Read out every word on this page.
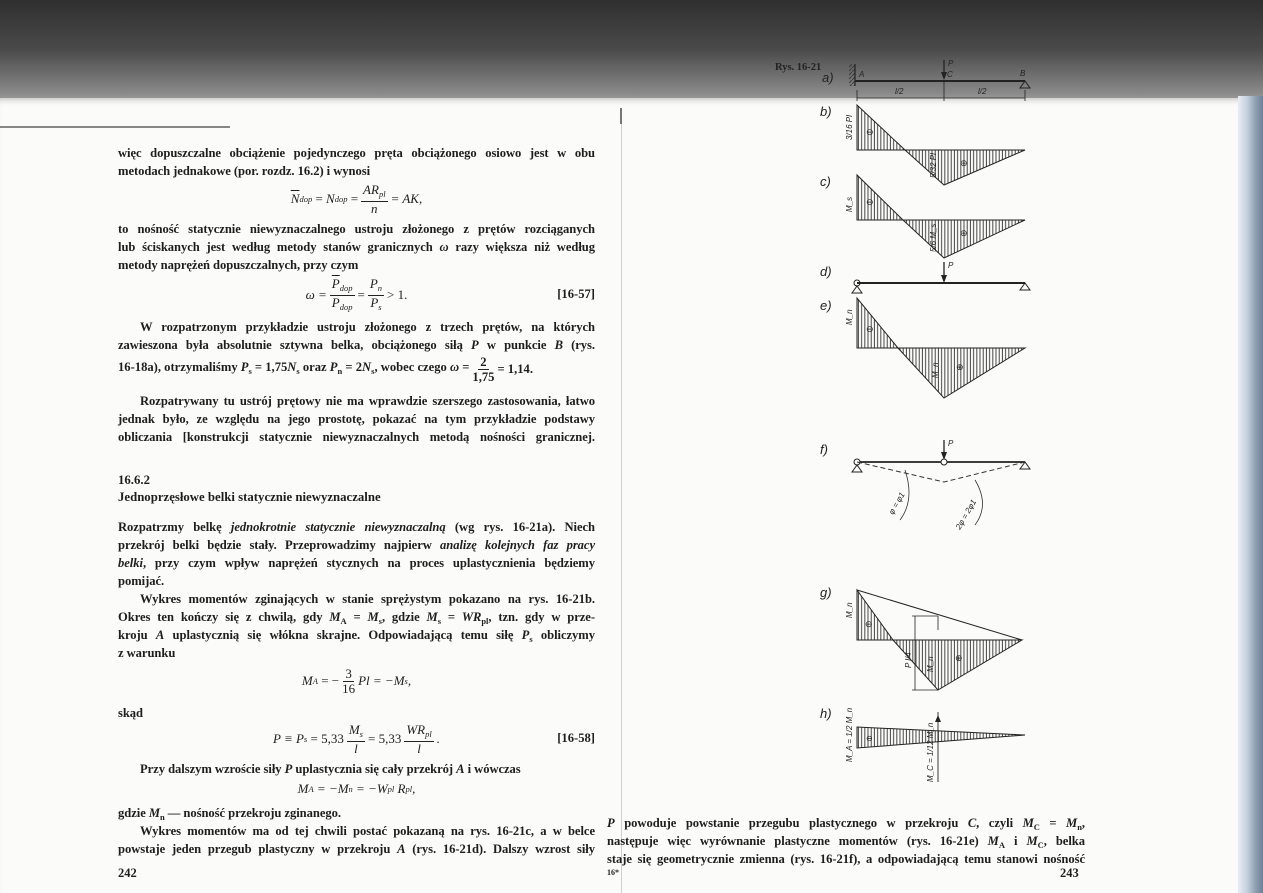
więc dopuszczalne obciążenie pojedynczego pręta obciążonego osiowo jest w obu
metodach jednakowe (por. rozdz. 16.2) i wynosi
$\overline{N}$ dop
=
N dop
= $\frac{AR_{pl}}{n}$ = AK,
to nośność statycznie niewyznaczalnego ustroju złożonego z prętów rozciąganych
lub ściskanych jest według metody stanów granicznych ω razy większa niż według
metody naprężeń dopuszczalnych, przy czym
$\omega = \frac{\overline{P}_{dop}}{P_{dop}} = \frac{P_n}{P_s} > 1$.	[16-57]
W rozpatrzonym przykładzie ustroju złożonego z trzech prętów, na których
zawieszona była absolutnie sztywna belka, obciążonego siłą P w punkcie B (rys.
16-18a), otrzymaliśmy $P_s = 1,75N_s$ oraz $P_n = 2N_s$, wobec czego $\omega = \frac{2}{1,75} = 1,14$.
Rozpatrywany tu ustrój prętowy nie ma wprawdzie szerszego zastosowania, łatwo
jednak było, ze względu na jego prostotę, pokazać na tym przykładzie podstawy
obliczania [konstrukcji statycznie niewyznaczalnych metodą nośności granicznej.
16.6.2
Jednoprzęsłowe belki statycznie niewyznaczalne
Rozpatrzmy belkę jednokrotnie statycznie niewyznaczalną (wg rys. 16-21a). Niech
przekrój belki będzie stały. Przeprowadzimy najpierw analizę kolejnych faz pracy
belki, przy czym wpływ naprężeń stycznych na proces uplastycznienia będziemy
pomijać.
Wykres momentów zginających w stanie sprężystym pokazano na rys. 16-21b.
Okres ten kończy się z chwilą, gdy $M_A = M_s$, gdzie $M_s = WR_{pl}$, tzn. gdy w prze-
kroju A uplastycznią się włókna skrajne. Odpowiadającą temu siłę $P_s$ obliczymy
z warunku
M A
= − $\frac{3}{16}$ Pl = −M s ,
skąd
P ≡ P s
= $5,33 \frac{M_s}{l} = 5,33 \frac{WR_{pl}}{l}$ .	[16-58]
Przy dalszym wzroście siły P uplastycznia się cały przekrój A i wówczas
M A
= −M n
= −W pl
R pl ,
gdzie $M_n$ — nośność przekroju zginanego.
Wykres momentów ma od tej chwili postać pokazaną na rys. 16-21c, a w belce
powstaje jeden przegub plastyczny w przekroju A (rys. 16-21d). Dalszy wzrost siły
242
Rys. 16-21
a)
P
A	C	B
l/2	l/2
b)
3/16 Pl
5/32 Pl
⊖
⊕
c)
M_s
5/6 M_s
⊖
⊕
d)	P
e)
M_n
M_n
⊖
⊕
f)	P
φ = φ1	2φ = 2φ1
g)
P l/4
M_n
M_n
⊖
⊕
h) M_A = 1/2 M_n	M_C = 1/12 M_n
⊖
P powoduje powstanie przegubu plastycznego w przekroju C, czyli $M_C = M_n$,
następuje więc wyrównanie plastyczne momentów (rys. 16-21e) $M_A$ i $M_C$, belka
staje się geometrycznie zmienna (rys. 16-21f), a odpowiadającą temu stanowi nośność
16*	243
